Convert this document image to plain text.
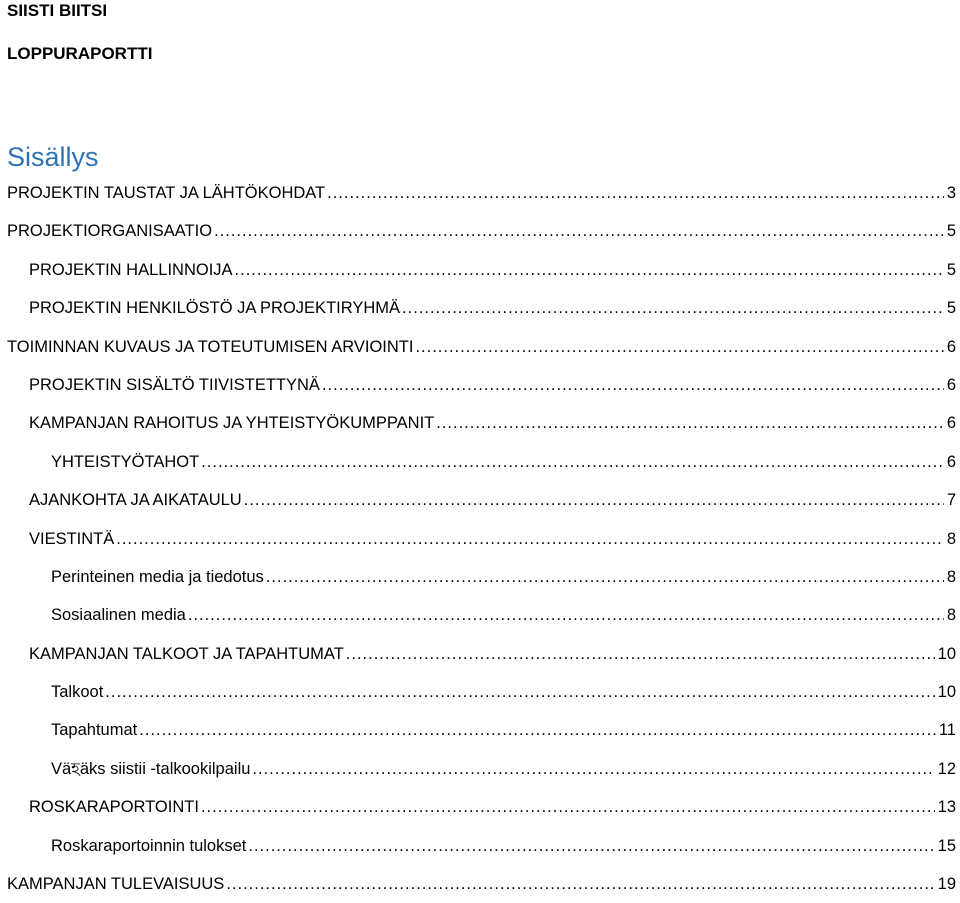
SIISTI BIITSI
LOPPURAPORTTI
Sisällys
PROJEKTIN TAUSTAT JA LÄHTÖKOHDAT .....	3
PROJEKTIORGANISAATIO .....	5
PROJEKTIN HALLINNOIJA .....	5
PROJEKTIN HENKILÖSTÖ JA PROJEKTIRYHMÄ .....	5
TOIMINNAN KUVAUS JA TOTEUTUMISEN ARVIOINTI .....	6
PROJEKTIN SISÄLTÖ TIIVISTETTYNÄ .....	6
KAMPANJAN RAHOITUS JA YHTEISTYÖKUMPPANIT .....	6
YHTEISTYÖTAHOT .....	6
AJANKOHTA JA AIKATAULU .....	7
VIESTINTÄ .....	8
Perinteinen media ja tiedotus .....	8
Sosiaalinen media .....	8
KAMPANJAN TALKOOT JA TAPAHTUMAT .....	10
Talkoot .....	10
Tapahtumat .....	11
Väহäks siistii -talkookilpailu .....	12
ROSKARAPORTOINTI .....	13
Roskaraportoinnin tulokset .....	15
KAMPANJAN TULEVAISUUS .....	19
